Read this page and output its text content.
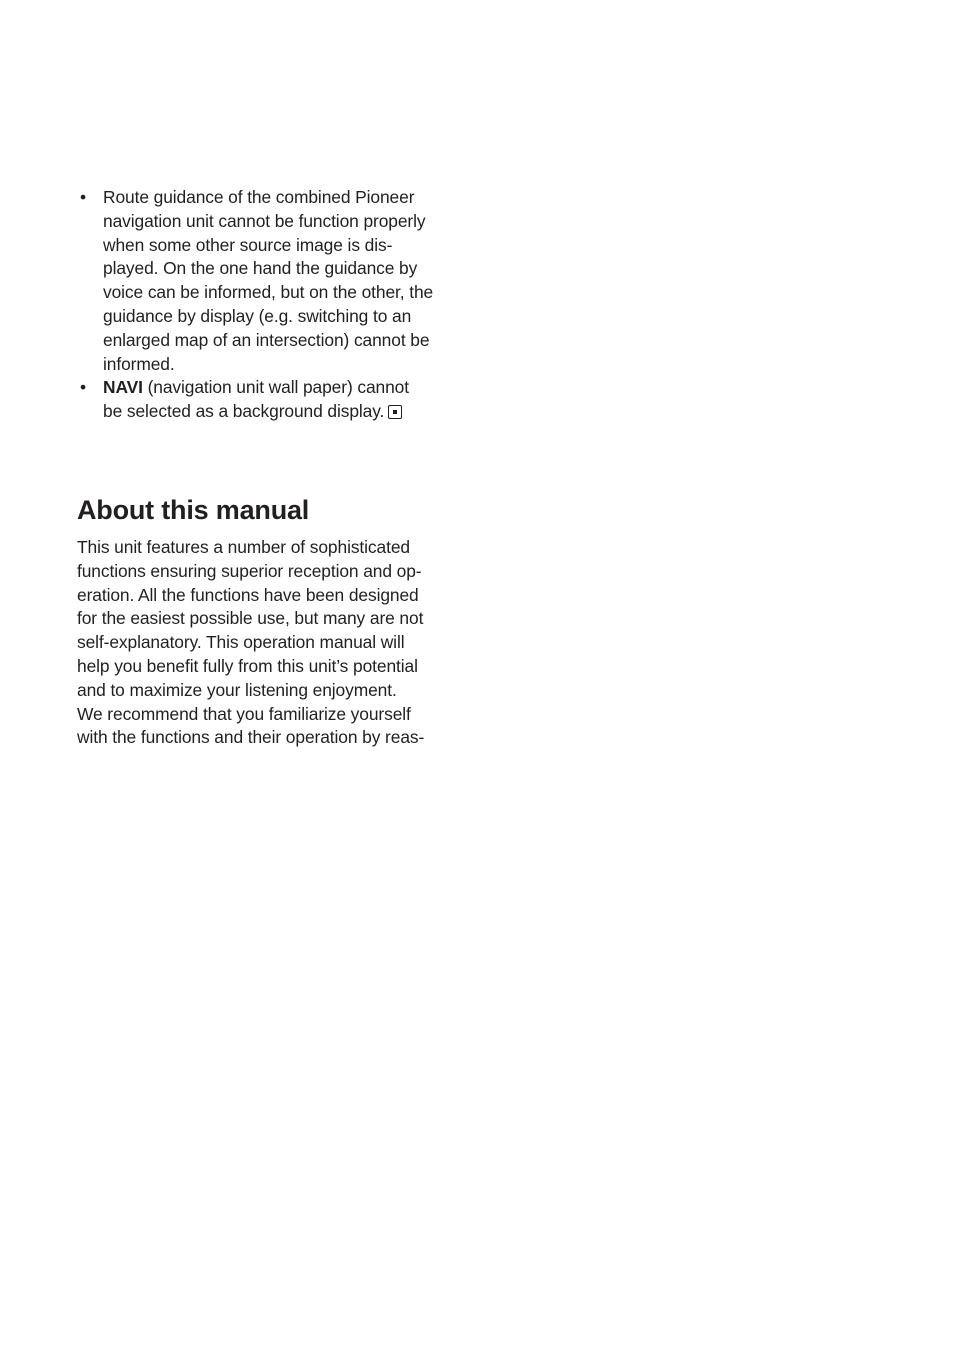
• Route guidance of the combined Pioneer
navigation unit cannot be function properly
when some other source image is dis-
played. On the one hand the guidance by
voice can be informed, but on the other, the
guidance by display (e.g. switching to an
enlarged map of an intersection) cannot be
informed.
• NAVI (navigation unit wall paper) cannot
be selected as a background display.
About this manual

This unit features a number of sophisticated
functions ensuring superior reception and op-
eration. All the functions have been designed
for the easiest possible use, but many are not
self-explanatory. This operation manual will
help you benefit fully from this unit’s potential
and to maximize your listening enjoyment.
We recommend that you familiarize yourself
with the functions and their operation by reas-
